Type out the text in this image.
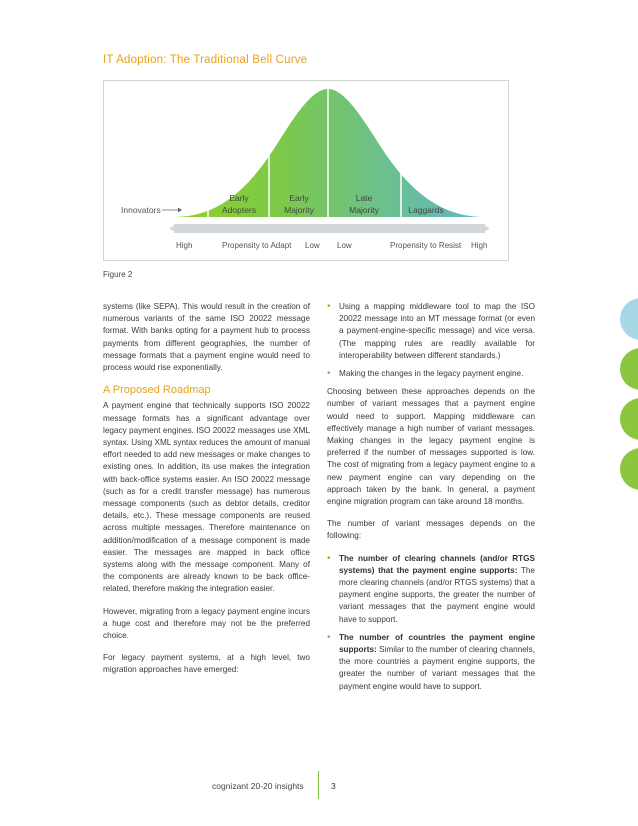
IT Adoption: The Traditional Bell Curve
Innovators
Early
Adopters
Early
Majority
Late
Majority	Laggards
High	Propensity to Adapt Low Low	Propensity to Resist High
Figure 2

systems (like SEPA). This would result in the creation of numerous variants of the same ISO 20022 message format. With banks opting for a payment hub to process payments from different geographies, the number of message formats that a payment engine would need to process would rise exponentially.

A Proposed Roadmap

A payment engine that technically supports ISO 20022 message formats has a significant advantage over legacy payment engines. ISO 20022 messages use XML syntax. Using XML syntax reduces the amount of manual effort needed to add new messages or make changes to existing ones. In addition, its use makes the integration with back-office systems easier. An ISO 20022 message (such as for a credit transfer message) has numerous message components (such as debtor details, creditor details, etc.). These message components are reused across multiple messages. Therefore maintenance on addition/modification of a message component is made easier. The messages are mapped in back office systems along with the message component. Many of the components are already known to be back office-related, therefore making the integration easier.

However, migrating from a legacy payment engine incurs a huge cost and therefore may not be the preferred choice.

For legacy payment systems, at a high level, two migration approaches have emerged:

• Using a mapping middleware tool to map the ISO 20022 message into an MT message format (or even a payment-engine-specific message) and vice versa. (The mapping rules are readily available for interoperability between different standards.)
• Making the changes in the legacy payment engine.

Choosing between these approaches depends on the number of variant messages that a payment engine would need to support. Mapping middleware can effectively manage a high number of variant messages. Making changes in the legacy payment engine is preferred if the number of messages supported is low. The cost of migrating from a legacy payment engine to a new payment engine can vary depending on the approach taken by the bank. In general, a payment engine migration program can take around 18 months.

The number of variant messages depends on the following:

• The number of clearing channels (and/or RTGS systems) that the payment engine supports: The more clearing channels (and/or RTGS systems) that a payment engine supports, the greater the number of variant messages that the payment engine would have to support.
• The number of countries the payment engine supports: Similar to the number of clearing channels, the more countries a payment engine supports, the greater the number of variant messages that the payment engine would have to support.
cognizant 20-20 insights	3
